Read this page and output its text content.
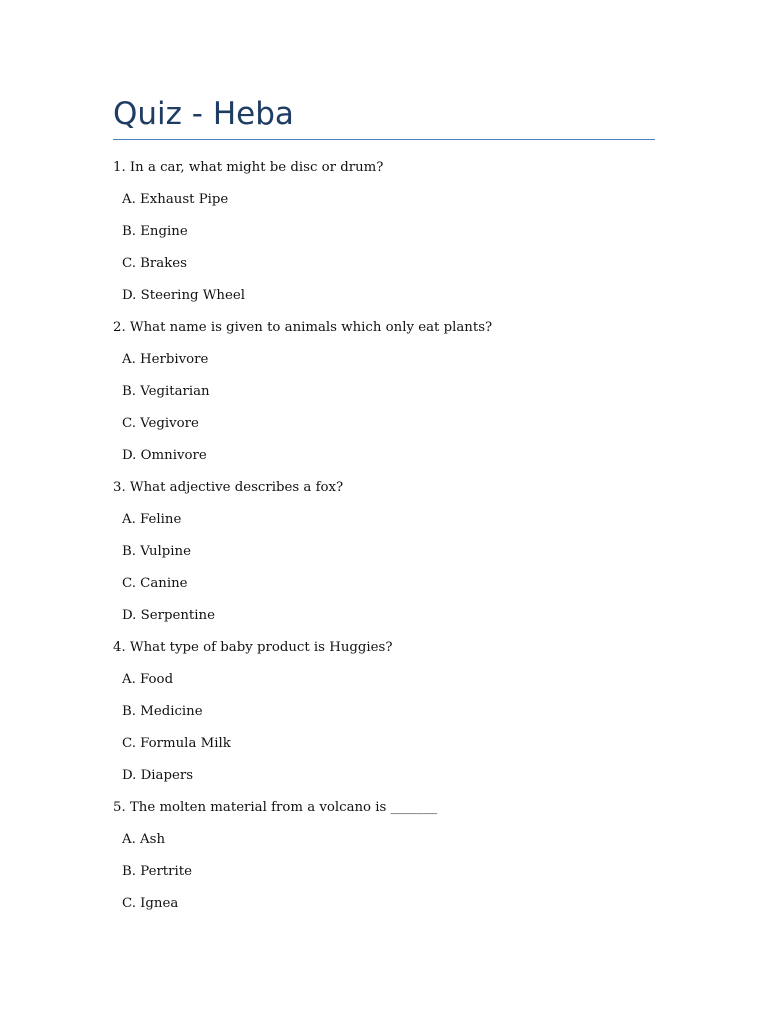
Quiz - Heba
1. In a car, what might be disc or drum?
A. Exhaust Pipe
B. Engine
C. Brakes
D. Steering Wheel
2. What name is given to animals which only eat plants?
A. Herbivore
B. Vegitarian
C. Vegivore
D. Omnivore
3. What adjective describes a fox?
A. Feline
B. Vulpine
C. Canine
D. Serpentine
4. What type of baby product is Huggies?
A. Food
B. Medicine
C. Formula Milk
D. Diapers
5. The molten material from a volcano is _______
A. Ash
B. Pertrite
C. Ignea
